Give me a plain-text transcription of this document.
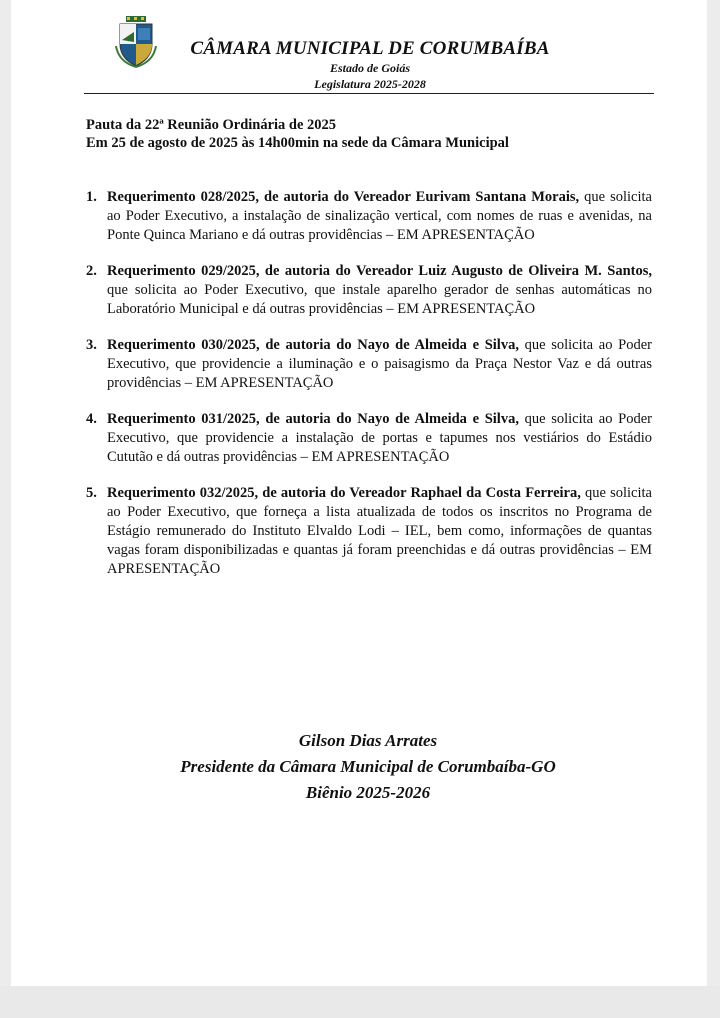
CÂMARA MUNICIPAL DE CORUMBAÍBA
Estado de Goiás
Legislatura 2025-2028
Pauta da 22ª Reunião Ordinária de 2025
Em 25 de agosto de 2025 às 14h00min na sede da Câmara Municipal
1. Requerimento 028/2025, de autoria do Vereador Eurivam Santana Morais, que solicita ao Poder Executivo, a instalação de sinalização vertical, com nomes de ruas e avenidas, na Ponte Quinca Mariano e dá outras providências – EM APRESENTAÇÃO
2. Requerimento 029/2025, de autoria do Vereador Luiz Augusto de Oliveira M. Santos, que solicita ao Poder Executivo, que instale aparelho gerador de senhas automáticas no Laboratório Municipal e dá outras providências – EM APRESENTAÇÃO
3. Requerimento 030/2025, de autoria do Nayo de Almeida e Silva, que solicita ao Poder Executivo, que providencie a iluminação e o paisagismo da Praça Nestor Vaz e dá outras providências – EM APRESENTAÇÃO
4. Requerimento 031/2025, de autoria do Nayo de Almeida e Silva, que solicita ao Poder Executivo, que providencie a instalação de portas e tapumes nos vestiários do Estádio Cututão e dá outras providências – EM APRESENTAÇÃO
5. Requerimento 032/2025, de autoria do Vereador Raphael da Costa Ferreira, que solicita ao Poder Executivo, que forneça a lista atualizada de todos os inscritos no Programa de Estágio remunerado do Instituto Elvaldo Lodi – IEL, bem como, informações de quantas vagas foram disponibilizadas e quantas já foram preenchidas e dá outras providências – EM APRESENTAÇÃO
Gilson Dias Arrates
Presidente da Câmara Municipal de Corumbaíba-GO
Biênio 2025-2026
